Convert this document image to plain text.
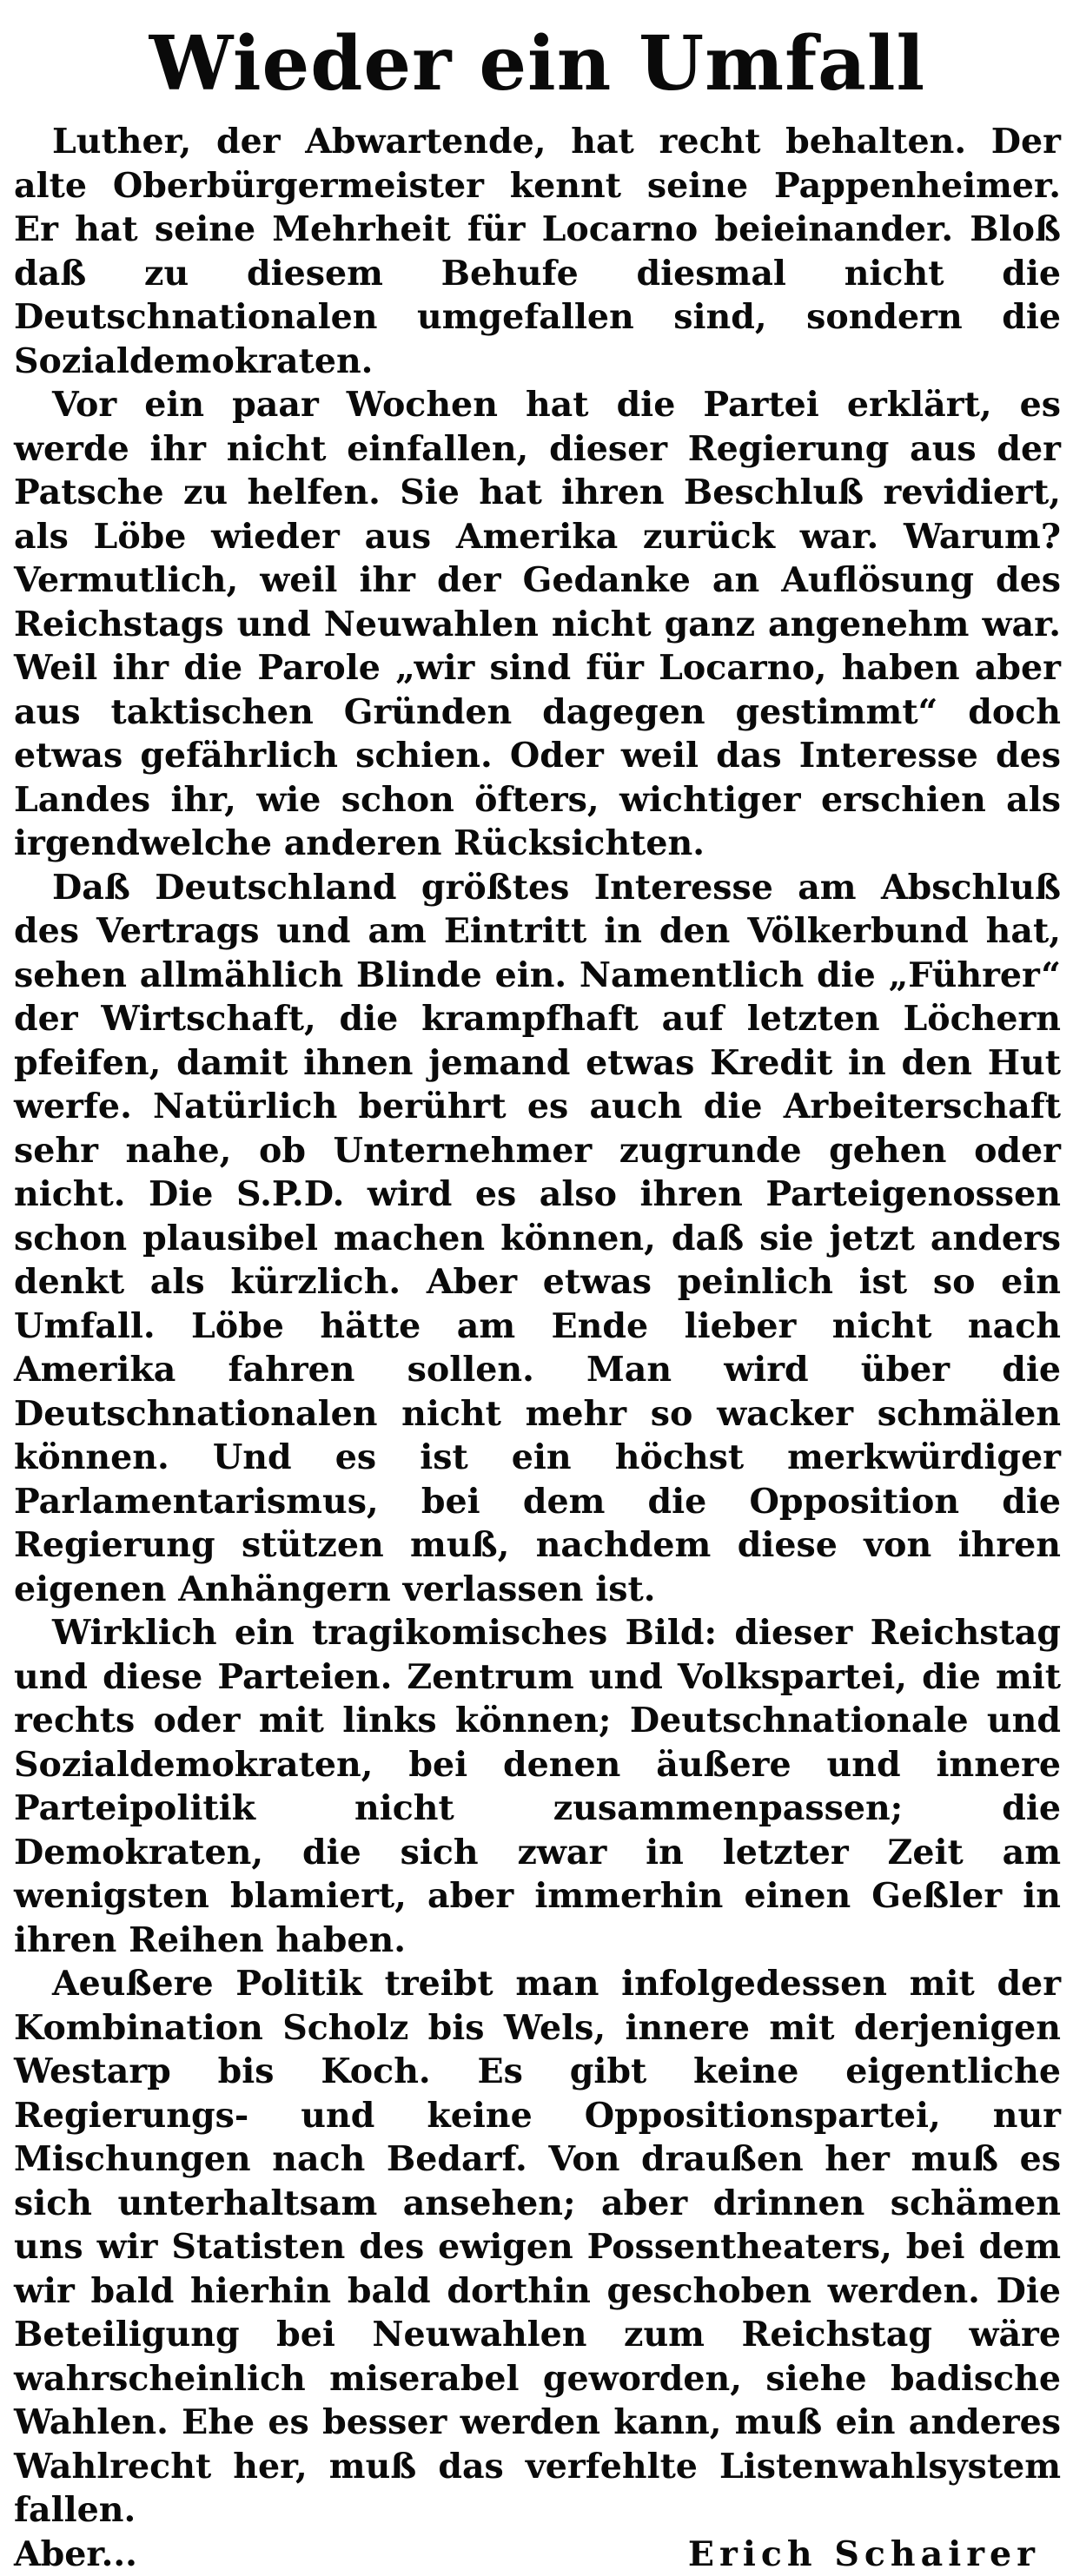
Wieder ein Umfall

Luther, der Abwartende, hat recht behalten. Der alte Oberbürgermeister kennt seine Pappenheimer. Er hat seine Mehrheit für Locarno beieinander. Bloß daß zu diesem Behufe diesmal nicht die Deutschnationalen umgefallen sind, sondern die Sozialdemokraten.

Vor ein paar Wochen hat die Partei erklärt, es werde ihr nicht einfallen, dieser Regierung aus der Patsche zu helfen. Sie hat ihren Beschluß revidiert, als Löbe wieder aus Amerika zurück war. Warum? Vermutlich, weil ihr der Gedanke an Auflösung des Reichstags und Neuwahlen nicht ganz angenehm war. Weil ihr die Parole „wir sind für Locarno, haben aber aus taktischen Gründen dagegen gestimmt“ doch etwas gefährlich schien. Oder weil das Interesse des Landes ihr, wie schon öfters, wichtiger erschien als irgendwelche anderen Rücksichten.

Daß Deutschland größtes Interesse am Abschluß des Vertrags und am Eintritt in den Völkerbund hat, sehen allmählich Blinde ein. Namentlich die „Führer“ der Wirtschaft, die krampfhaft auf letzten Löchern pfeifen, damit ihnen jemand etwas Kredit in den Hut werfe. Natürlich berührt es auch die Arbeiterschaft sehr nahe, ob Unternehmer zugrunde gehen oder nicht. Die S.P.D. wird es also ihren Parteigenossen schon plausibel machen können, daß sie jetzt anders denkt als kürzlich. Aber etwas peinlich ist so ein Umfall. Löbe hätte am Ende lieber nicht nach Amerika fahren sollen. Man wird über die Deutschnationalen nicht mehr so wacker schmälen können. Und es ist ein höchst merkwürdiger Parlamentarismus, bei dem die Opposition die Regierung stützen muß, nachdem diese von ihren eigenen Anhängern verlassen ist.

Wirklich ein tragikomisches Bild: dieser Reichstag und diese Parteien. Zentrum und Volkspartei, die mit rechts oder mit links können; Deutschnationale und Sozialdemokraten, bei denen äußere und innere Parteipolitik nicht zusammenpassen; die Demokraten, die sich zwar in letzter Zeit am wenigsten blamiert, aber immerhin einen Geßler in ihren Reihen haben.

Aeußere Politik treibt man infolgedessen mit der Kombination Scholz bis Wels, innere mit derjenigen Westarp bis Koch. Es gibt keine eigentliche Regierungs- und keine Oppositionspartei, nur Mischungen nach Bedarf. Von draußen her muß es sich unterhaltsam ansehen; aber drinnen schämen uns wir Statisten des ewigen Possentheaters, bei dem wir bald hierhin bald dorthin geschoben werden. Die Beteiligung bei Neuwahlen zum Reichstag wäre wahrscheinlich miserabel geworden, siehe badische Wahlen. Ehe es besser werden kann, muß ein anderes Wahlrecht her, muß das verfehlte Listenwahlsystem fallen.

Aber...	Erich Schairer
